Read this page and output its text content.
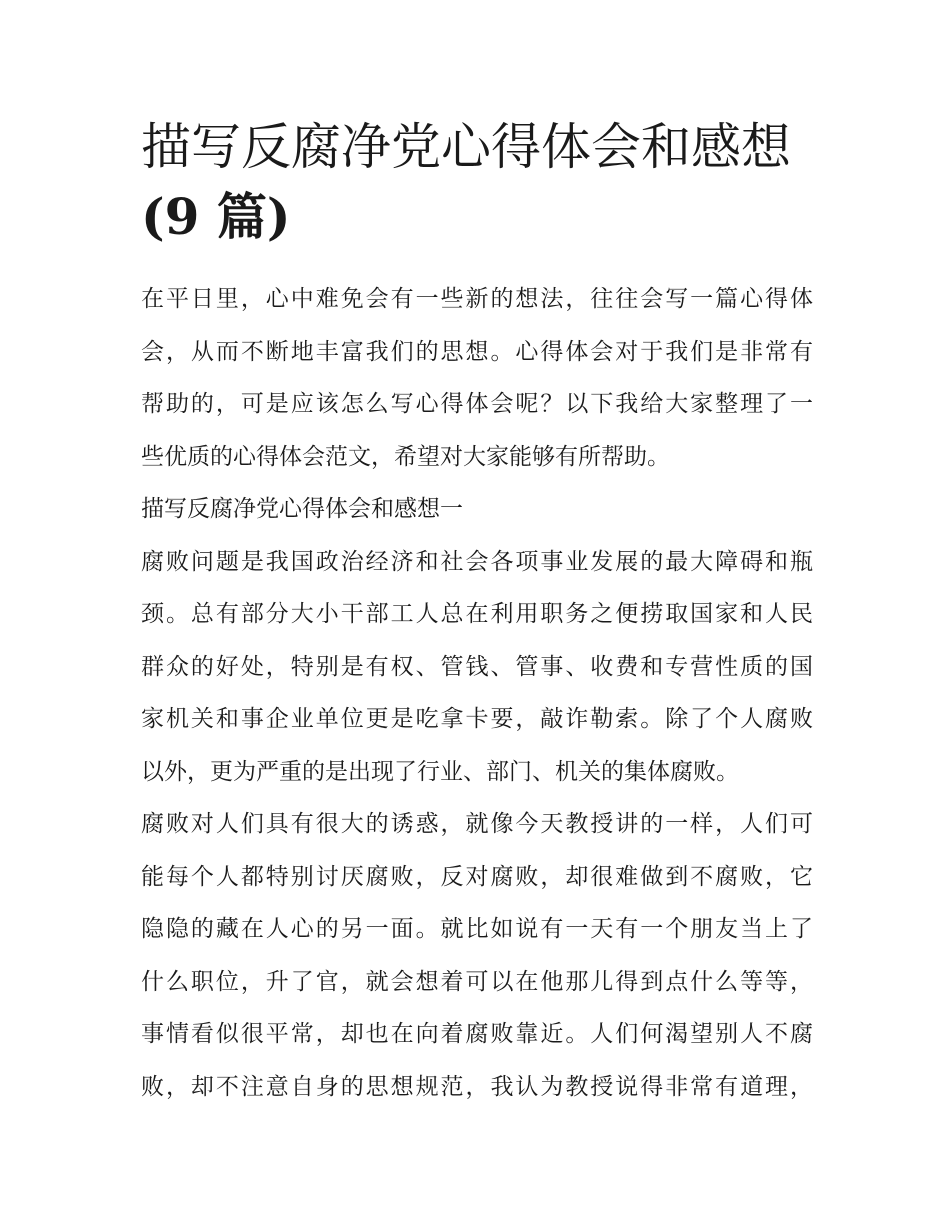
描写反腐净党心得体会和感想
(9 篇)

在平日里，心中难免会有一些新的想法，往往会写一篇心得体
会，从而不断地丰富我们的思想。心得体会对于我们是非常有
帮助的，可是应该怎么写心得体会呢？以下我给大家整理了一
些优质的心得体会范文，希望对大家能够有所帮助。

描写反腐净党心得体会和感想一

腐败问题是我国政治经济和社会各项事业发展的最大障碍和瓶
颈。总有部分大小干部工人总在利用职务之便捞取国家和人民
群众的好处，特别是有权、管钱、管事、收费和专营性质的国
家机关和事企业单位更是吃拿卡要，敲诈勒索。除了个人腐败
以外，更为严重的是出现了行业、部门、机关的集体腐败。

腐败对人们具有很大的诱惑，就像今天教授讲的一样，人们可
能每个人都特别讨厌腐败，反对腐败，却很难做到不腐败，它
隐隐的藏在人心的另一面。就比如说有一天有一个朋友当上了
什么职位，升了官，就会想着可以在他那儿得到点什么等等，
事情看似很平常，却也在向着腐败靠近。人们何渴望别人不腐
败，却不注意自身的思想规范，我认为教授说得非常有道理，
